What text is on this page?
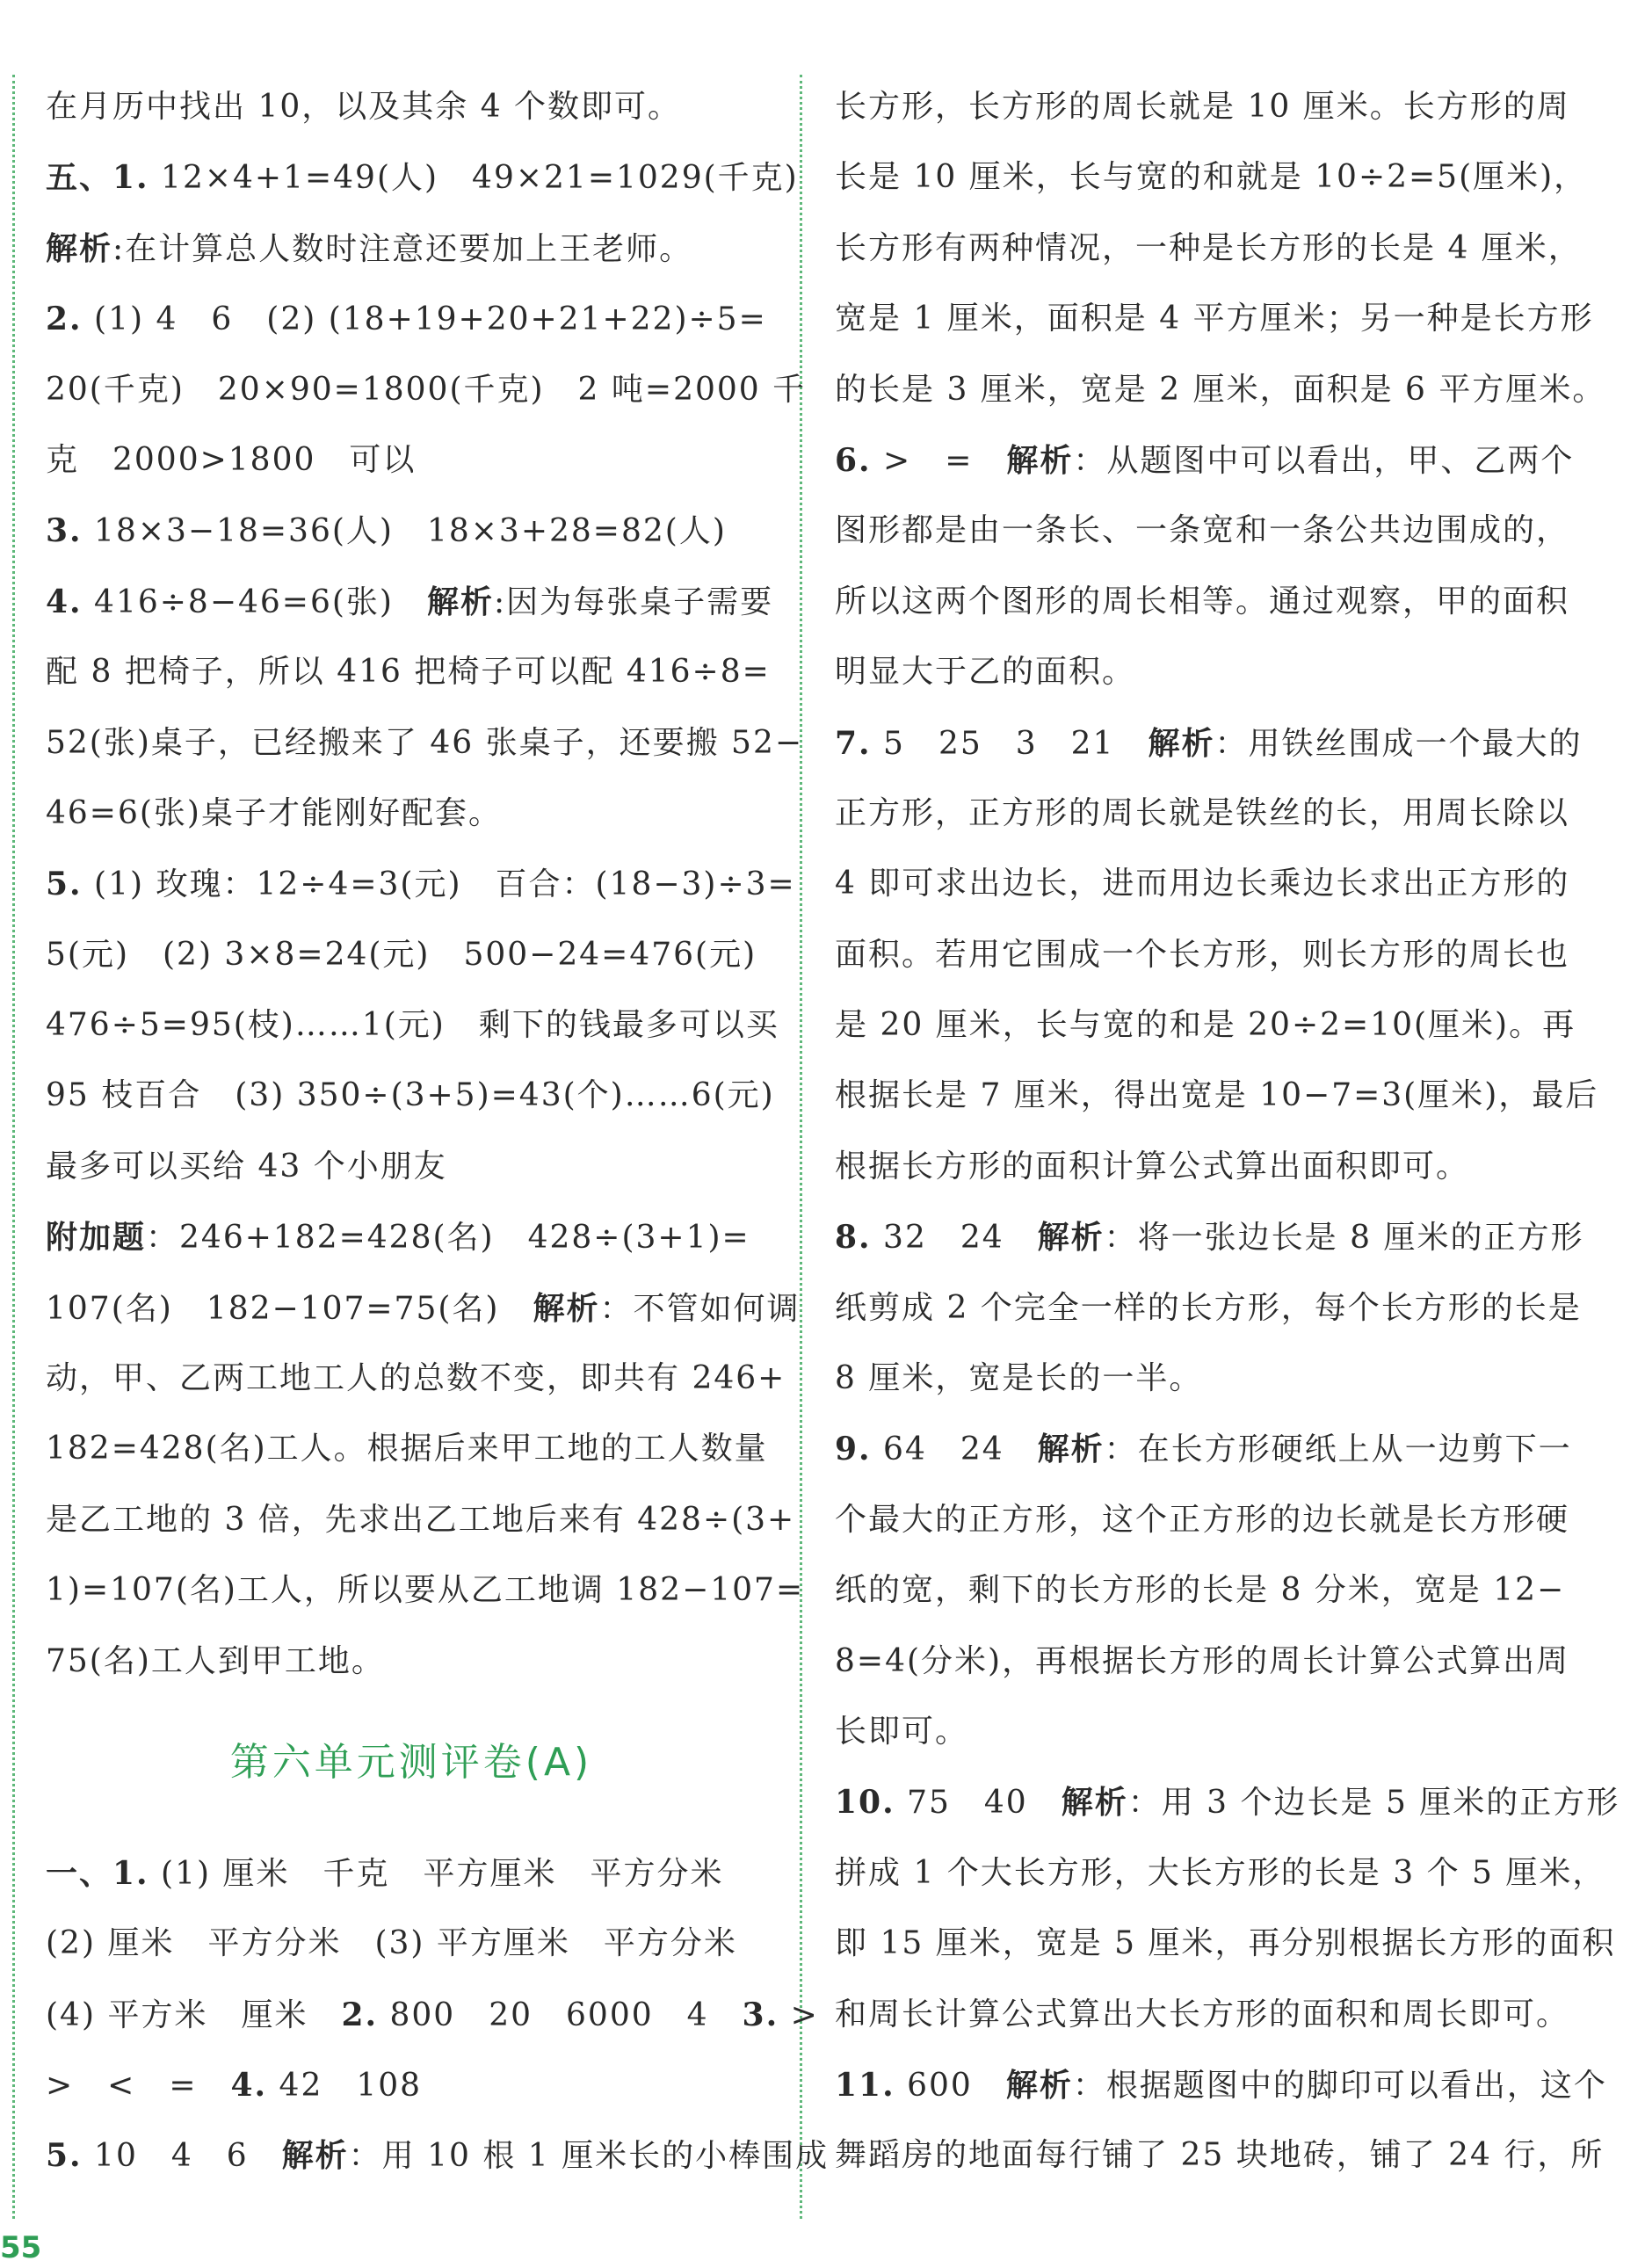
在月历中找出 10，以及其余 4 个数即可。
五、1. 12×4+1=49(人)　49×21=1029(千克)
解析:在计算总人数时注意还要加上王老师。
2. (1) 4　6　(2) (18+19+20+21+22)÷5=
20(千克)　20×90=1800(千克)　2 吨=2000 千
克　2000>1800　可以
3. 18×3−18=36(人)　18×3+28=82(人)
4. 416÷8−46=6(张)　解析:因为每张桌子需要
配 8 把椅子，所以 416 把椅子可以配 416÷8=
52(张)桌子，已经搬来了 46 张桌子，还要搬 52−
46=6(张)桌子才能刚好配套。
5. (1) 玫瑰：12÷4=3(元)　百合：(18−3)÷3=
5(元)　(2) 3×8=24(元)　500−24=476(元)
476÷5=95(枝)……1(元)　剩下的钱最多可以买
95 枝百合　(3) 350÷(3+5)=43(个)……6(元)
最多可以买给 43 个小朋友
附加题：246+182=428(名)　428÷(3+1)=
107(名)　182−107=75(名)　解析：不管如何调
动，甲、乙两工地工人的总数不变，即共有 246+
182=428(名)工人。根据后来甲工地的工人数量
是乙工地的 3 倍，先求出乙工地后来有 428÷(3+
1)=107(名)工人，所以要从乙工地调 182−107=
75(名)工人到甲工地。
第六单元测评卷(A)
一、1. (1) 厘米　千克　平方厘米　平方分米
(2) 厘米　平方分米　(3) 平方厘米　平方分米
(4) 平方米　厘米　2. 800　20　6000　4　3. >
>　<　=　4. 42　108
5. 10　4　6　解析：用 10 根 1 厘米长的小棒围成
长方形，长方形的周长就是 10 厘米。长方形的周
长是 10 厘米，长与宽的和就是 10÷2=5(厘米)，
长方形有两种情况，一种是长方形的长是 4 厘米，
宽是 1 厘米，面积是 4 平方厘米；另一种是长方形
的长是 3 厘米，宽是 2 厘米，面积是 6 平方厘米。
6. >　=　解析：从题图中可以看出，甲、乙两个
图形都是由一条长、一条宽和一条公共边围成的，
所以这两个图形的周长相等。通过观察，甲的面积
明显大于乙的面积。
7. 5　25　3　21　解析：用铁丝围成一个最大的
正方形，正方形的周长就是铁丝的长，用周长除以
4 即可求出边长，进而用边长乘边长求出正方形的
面积。若用它围成一个长方形，则长方形的周长也
是 20 厘米，长与宽的和是 20÷2=10(厘米)。再
根据长是 7 厘米，得出宽是 10−7=3(厘米)，最后
根据长方形的面积计算公式算出面积即可。
8. 32　24　解析：将一张边长是 8 厘米的正方形
纸剪成 2 个完全一样的长方形，每个长方形的长是
8 厘米，宽是长的一半。
9. 64　24　解析：在长方形硬纸上从一边剪下一
个最大的正方形，这个正方形的边长就是长方形硬
纸的宽，剩下的长方形的长是 8 分米，宽是 12−
8=4(分米)，再根据长方形的周长计算公式算出周
长即可。
10. 75　40　解析：用 3 个边长是 5 厘米的正方形
拼成 1 个大长方形，大长方形的长是 3 个 5 厘米，
即 15 厘米，宽是 5 厘米，再分别根据长方形的面积
和周长计算公式算出大长方形的面积和周长即可。
11. 600　解析：根据题图中的脚印可以看出，这个
舞蹈房的地面每行铺了 25 块地砖，铺了 24 行，所
55
